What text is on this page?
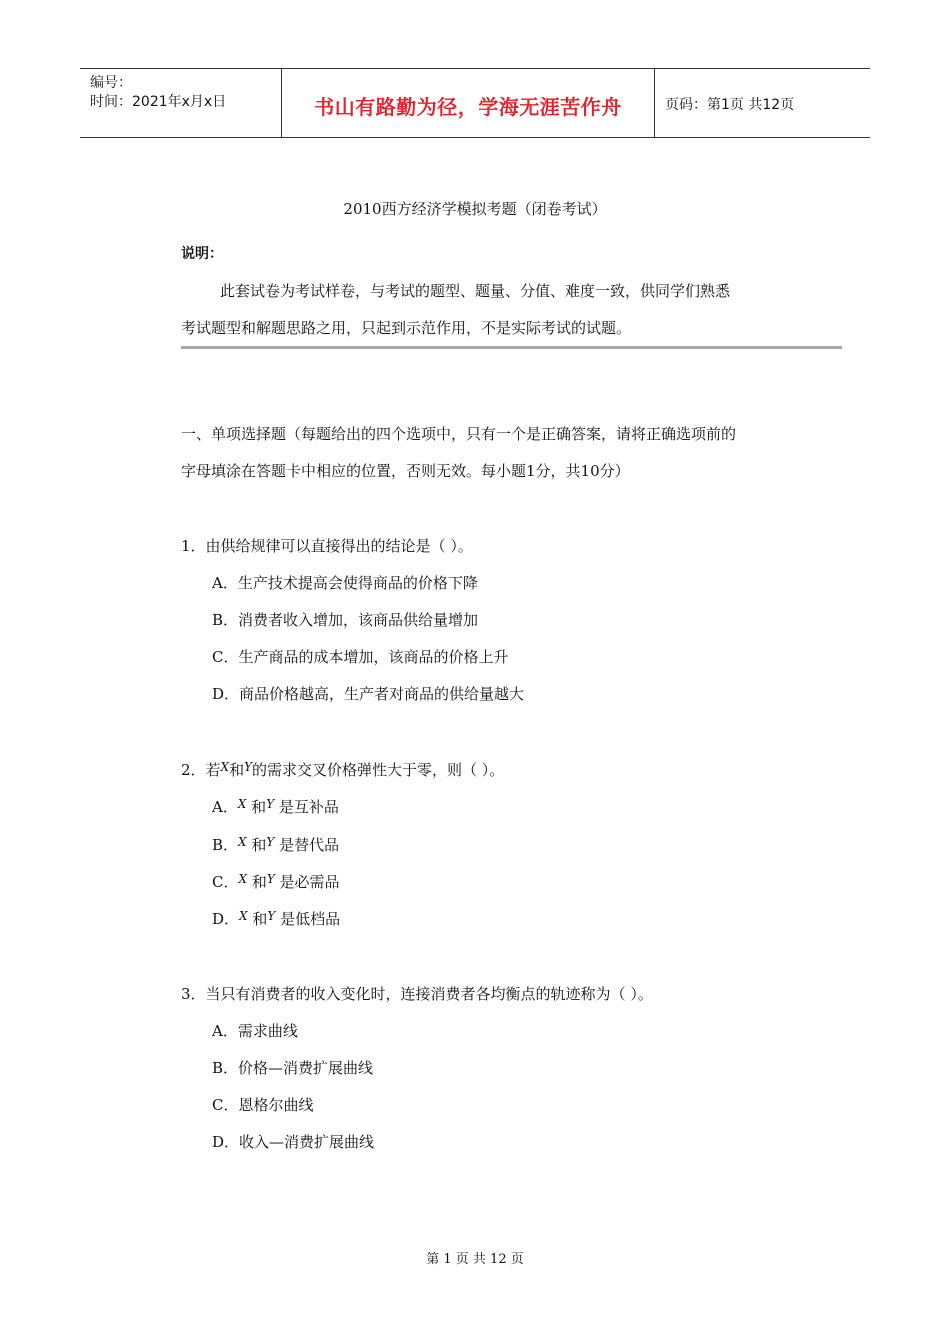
编号：
时间：2021年x月x日	书山有路勤为径，学海无涯苦作舟	页码：第1页 共12页
2010西方经济学模拟考题（闭卷考试）
说明：
此套试卷为考试样卷，与考试的题型、题量、分值、难度一致，供同学们熟悉
考试题型和解题思路之用，只起到示范作用，不是实际考试的试题。
一、单项选择题（每题给出的四个选项中，只有一个是正确答案，请将正确选项前的
字母填涂在答题卡中相应的位置，否则无效。每小题1分，共10分）
1．由供给规律可以直接得出的结论是（ ）。
A．生产技术提高会使得商品的价格下降
B．消费者收入增加，该商品供给量增加
C．生产商品的成本增加，该商品的价格上升
D．商品价格越高，生产者对商品的供给量越大
2．若$^X$和$^Y$的需求交叉价格弹性大于零，则（ ）。
A．$^X$ 和$^Y$ 是互补品
B．$^X$ 和$^Y$ 是替代品
C．$^X$ 和$^Y$ 是必需品
D．$^X$ 和$^Y$ 是低档品
3．当只有消费者的收入变化时，连接消费者各均衡点的轨迹称为（ ）。
A．需求曲线
B．价格—消费扩展曲线
C．恩格尔曲线
D．收入—消费扩展曲线
第 1 页 共 12 页
